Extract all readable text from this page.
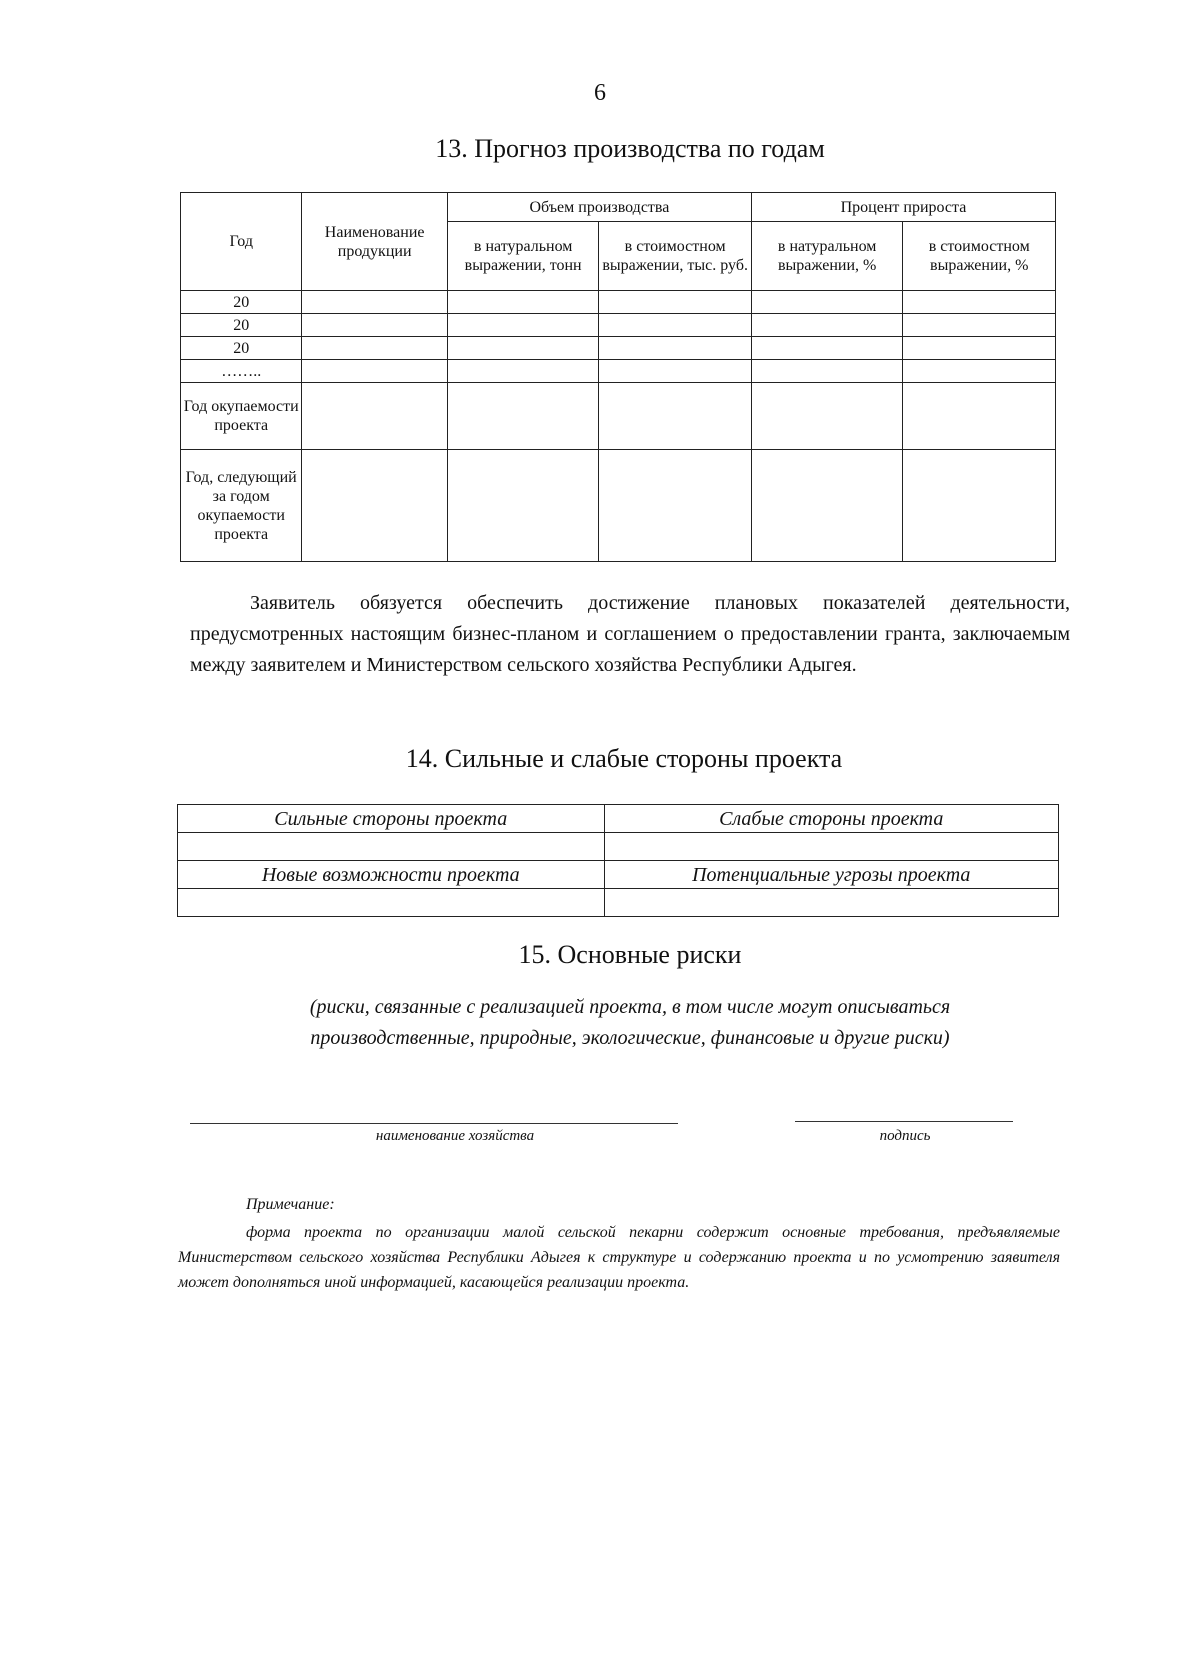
6
13. Прогноз производства по годам
Год	Наименование продукции	Объем производства		Процент прироста	
		в натуральном выражении, тонн	в стоимостном выражении, тыс. руб.	в натуральном выражении, %	в стоимостном выражении, %
20					
20					
20					
……..					
Год окупаемости проекта					
Год, следующий за годом окупаемости проекта					
Заявитель обязуется обеспечить достижение плановых показателей деятельности, предусмотренных настоящим бизнес-планом и соглашением о предоставлении гранта, заключаемым между заявителем и Министерством сельского хозяйства Республики Адыгея.
14. Сильные и слабые стороны проекта
Сильные стороны проекта	Слабые стороны проекта

Новые возможности проекта	Потенциальные угрозы проекта

15. Основные риски
(риски, связанные с реализацией проекта, в том числе могут описываться
производственные, природные, экологические, финансовые и другие риски)
наименование хозяйства	подпись
Примечание:
форма проекта по организации малой сельской пекарни содержит основные требования, предъявляемые Министерством сельского хозяйства Республики Адыгея к структуре и содержанию проекта и по усмотрению заявителя может дополняться иной информацией, касающейся реализации проекта.
